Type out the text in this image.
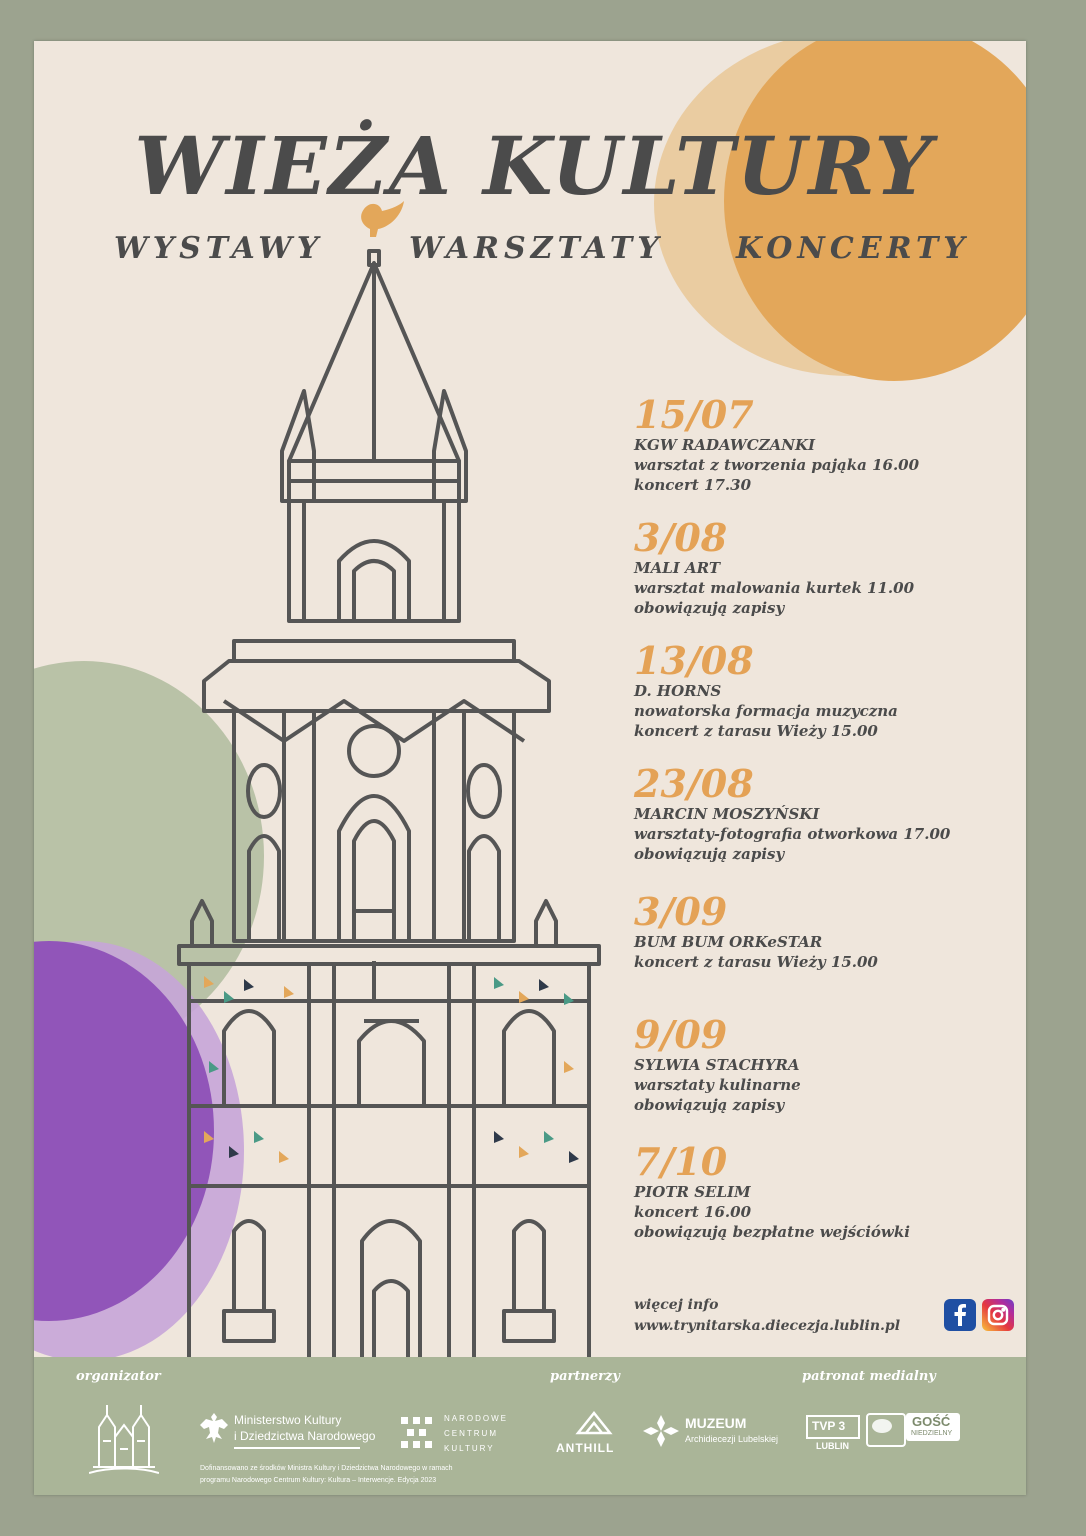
WIEŻA KULTURY
WYSTAWY	WARSZTATY KONCERTY
15/07
KGW RADAWCZANKI
warsztat z tworzenia pająka 16.00
koncert 17.30
3/08
MALI ART
warsztat malowania kurtek 11.00
obowiązują zapisy
13/08
D. HORNS
nowatorska formacja muzyczna
koncert z tarasu Wieży 15.00
23/08
MARCIN MOSZYŃSKI
warsztaty-fotografia otworkowa 17.00
obowiązują zapisy
3/09
BUM BUM ORKeSTAR
koncert z tarasu Wieży 15.00
9/09
SYLWIA STACHYRA
warsztaty kulinarne
obowiązują zapisy
7/10
PIOTR SELIM
koncert 16.00
obowiązują bezpłatne wejściówki
więcej info
www.trynitarska.diecezja.lublin.pl
organizator	partnerzy	patronat medialny
Ministerstwo Kultury
i Dziedzictwa Narodowego
NARODOWE
CENTRUM
KULTURY
Dofinansowano ze środków Ministra Kultury i Dziedzictwa Narodowego w ramach
programu Narodowego Centrum Kultury: Kultura – Interwencje. Edycja 2023
ANTHILL
MUZEUM
Archidiecezji Lubelskiej
TVP 3
LUBLIN
GOŚĆ
NIEDZIELNY
